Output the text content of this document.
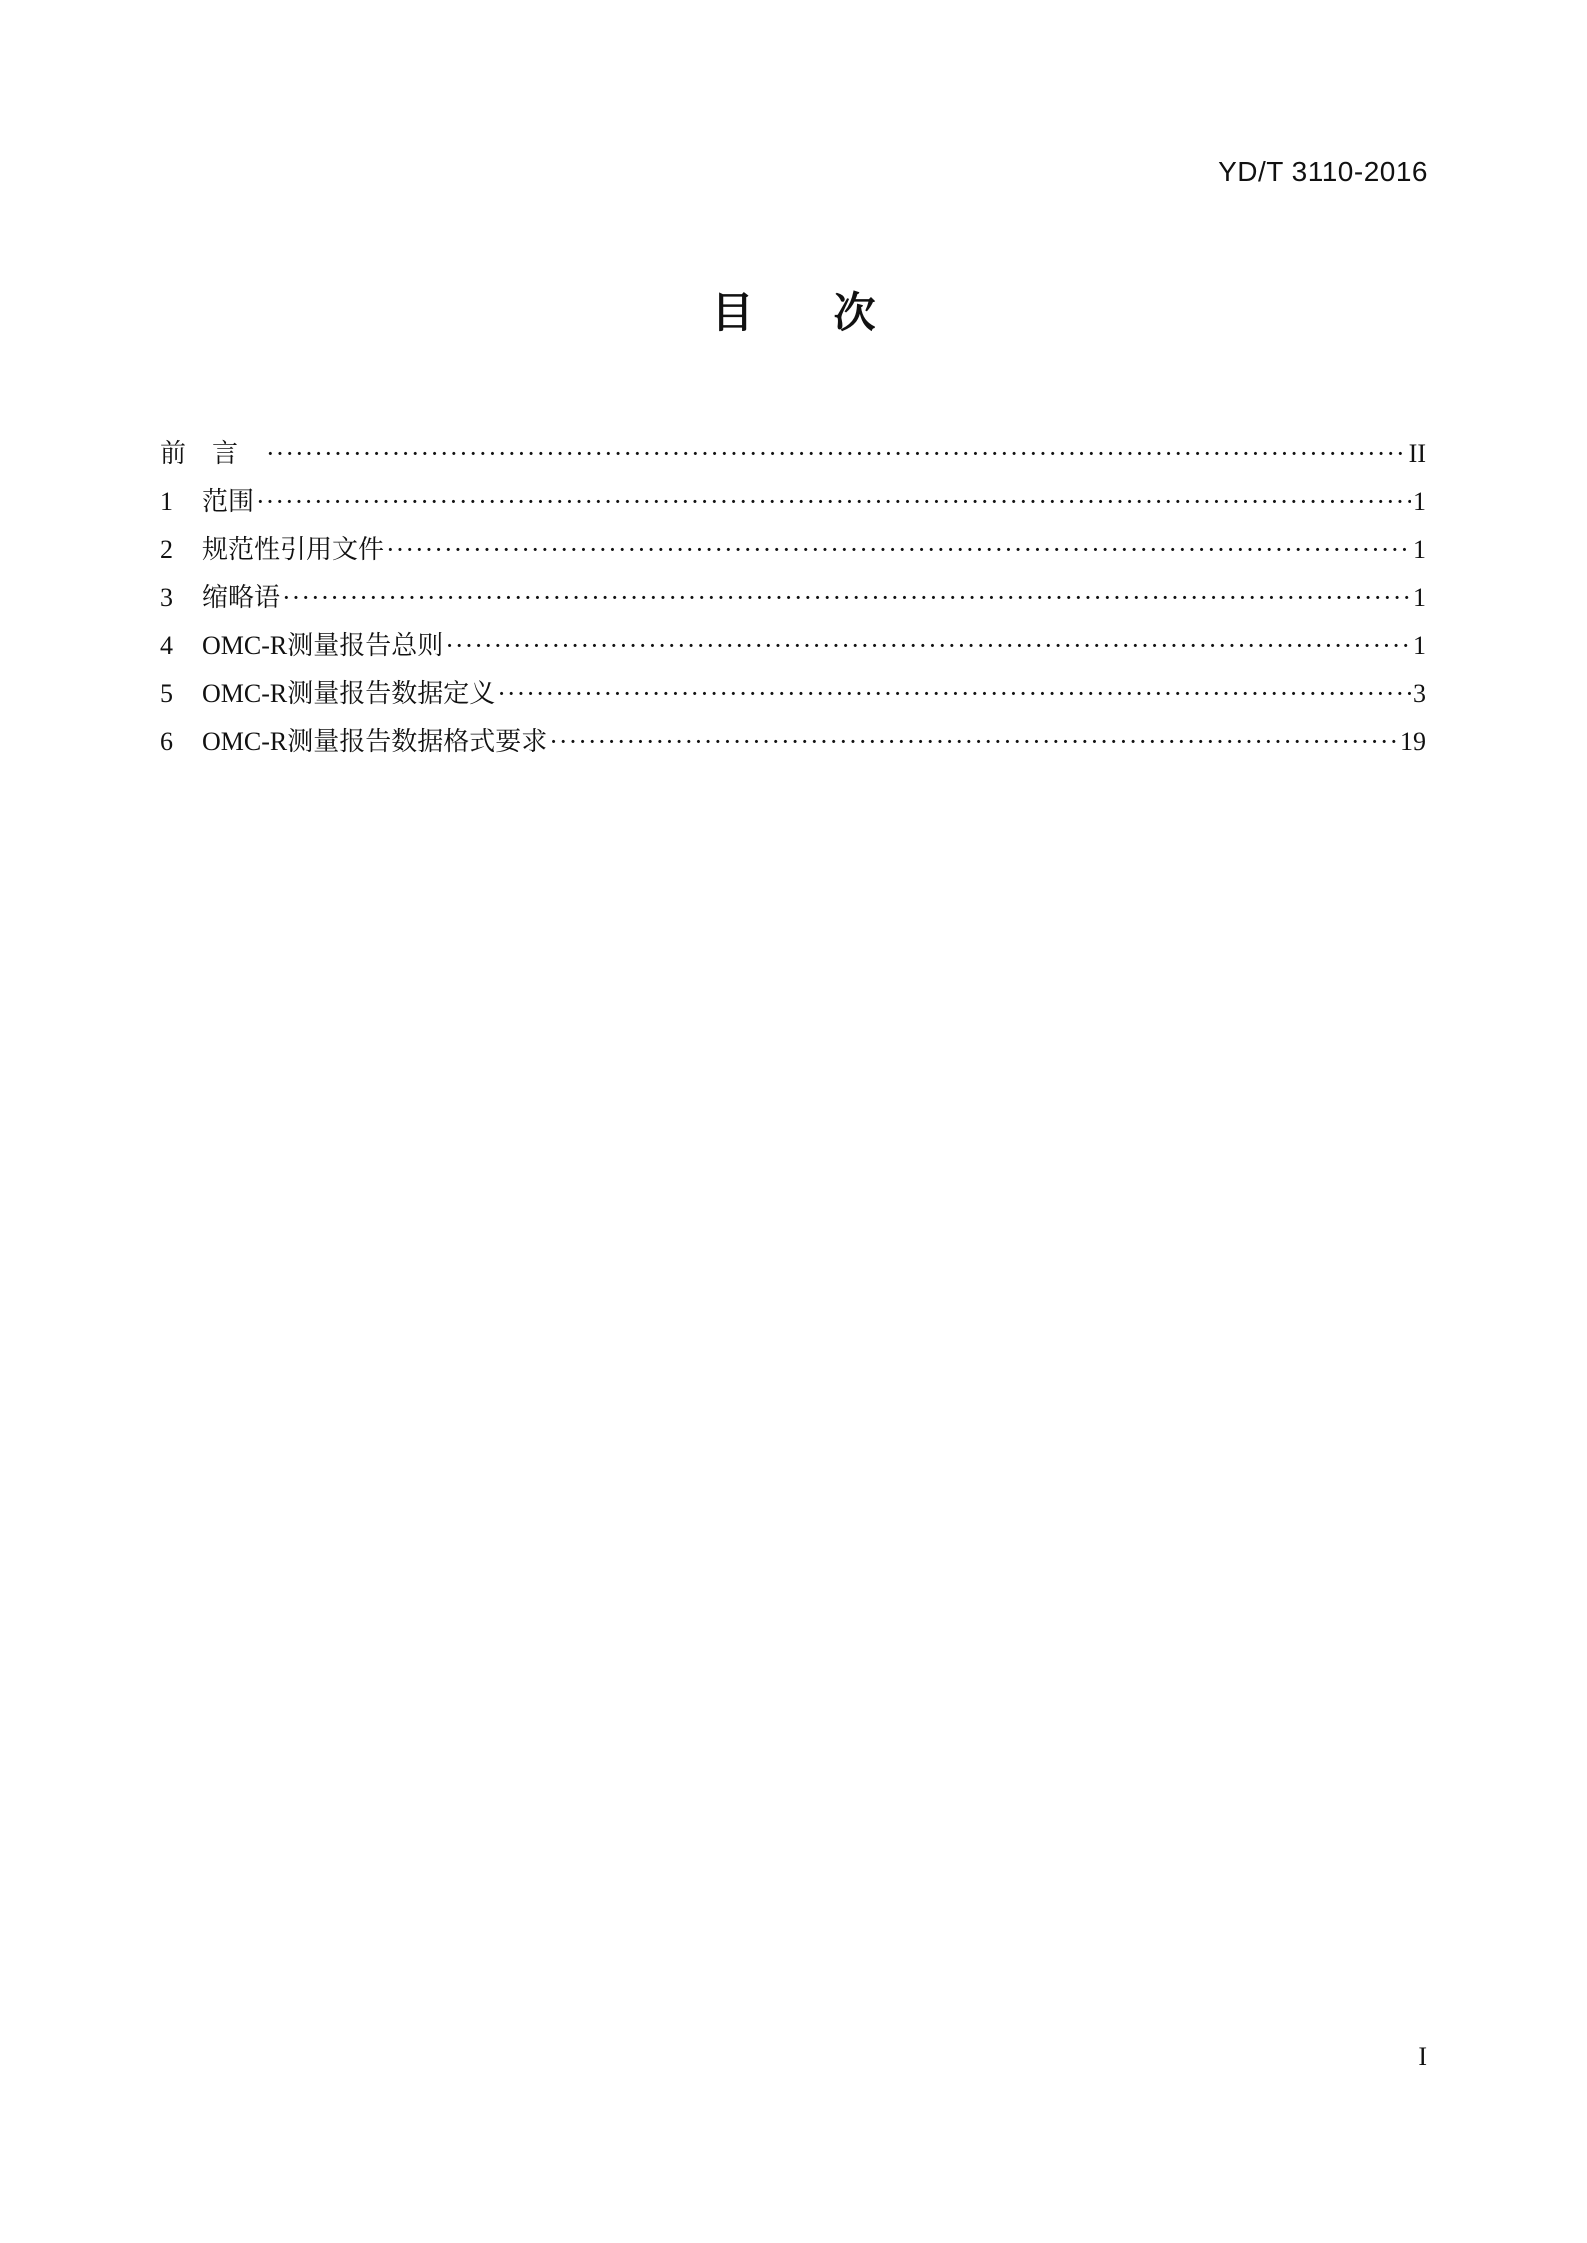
YD/T 3110-2016
目次
前言 ·····	II
1	范围 ·····	1
2	规范性引用文件 ·····	1
3	缩略语 ·····	1
4	OMC-R测量报告总则 ·····	1
5	OMC-R测量报告数据定义 ·····	3
6	OMC-R测量报告数据格式要求 ·····	19
I
